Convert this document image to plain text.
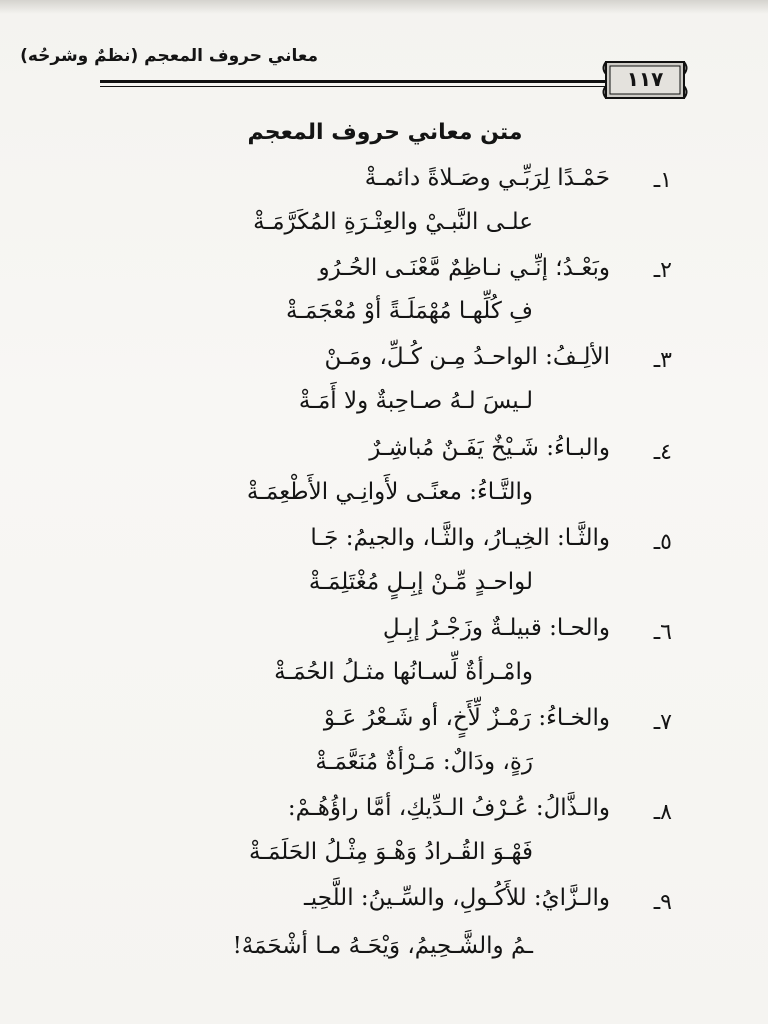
معاني حروف المعجم (نظمٌ وشرحُه)
١١٧
متن معاني حروف المعجم
١ـ
حَمْـدًا لِرَبِّـي وصَـلاةً دائمـةْ
علـى النَّبـيْ والعِتْـرَةِ المُكَرَّمَـةْ
٢ـ
وبَعْـدُ؛ إنِّـي نـاظِمٌ مَّعْنَـى الحُـرُو
فِ كُلِّهـا مُهْمَلَـةً أوْ مُعْجَمَـةْ
٣ـ
الألِـفُ: الواحـدُ مِـن كُـلِّ، ومَـنْ
لـيسَ لـهُ صـاحِبةٌ ولا أَمَـةْ
٤ـ
والبـاءُ: شَـيْخٌ يَفَـنٌ مُباشِـرٌ
والتَّـاءُ: معنًـى لأَوانِـي الأَطْعِمَـةْ
٥ـ
والثَّـا: الخِيـارُ، والثَّـا، والجيمُ: جَـا
لواحـدٍ مِّـنْ إبِـلٍ مُغْتَلِمَـةْ
٦ـ
والحـا: قبيلـةٌ وزَجْـرُ إبِـلِ
وامْـرأةٌ لِّسـانُها مثـلُ الحُمَـةْ
٧ـ
والخـاءُ: رَمْـزٌ لِّأَخٍ، أو شَـعْرُ عَـوْ
رَةٍ، ودَالٌ: مَـرْأةٌ مُنَعَّمَـةْ
٨ـ
والـذَّالُ: عُـرْفُ الـدِّيكِ، أمَّا راؤُهُـمْ:
فَهْـوَ القُـرادُ وَهْـوَ مِثْـلُ الحَلَمَـةْ
٩ـ
والـزَّايُ: للأَكُـولِ، والسِّـينُ: اللَّحِيـ
ـمُ والشَّـحِيمُ، وَيْحَـهُ مـا أشْحَمَهْ!
